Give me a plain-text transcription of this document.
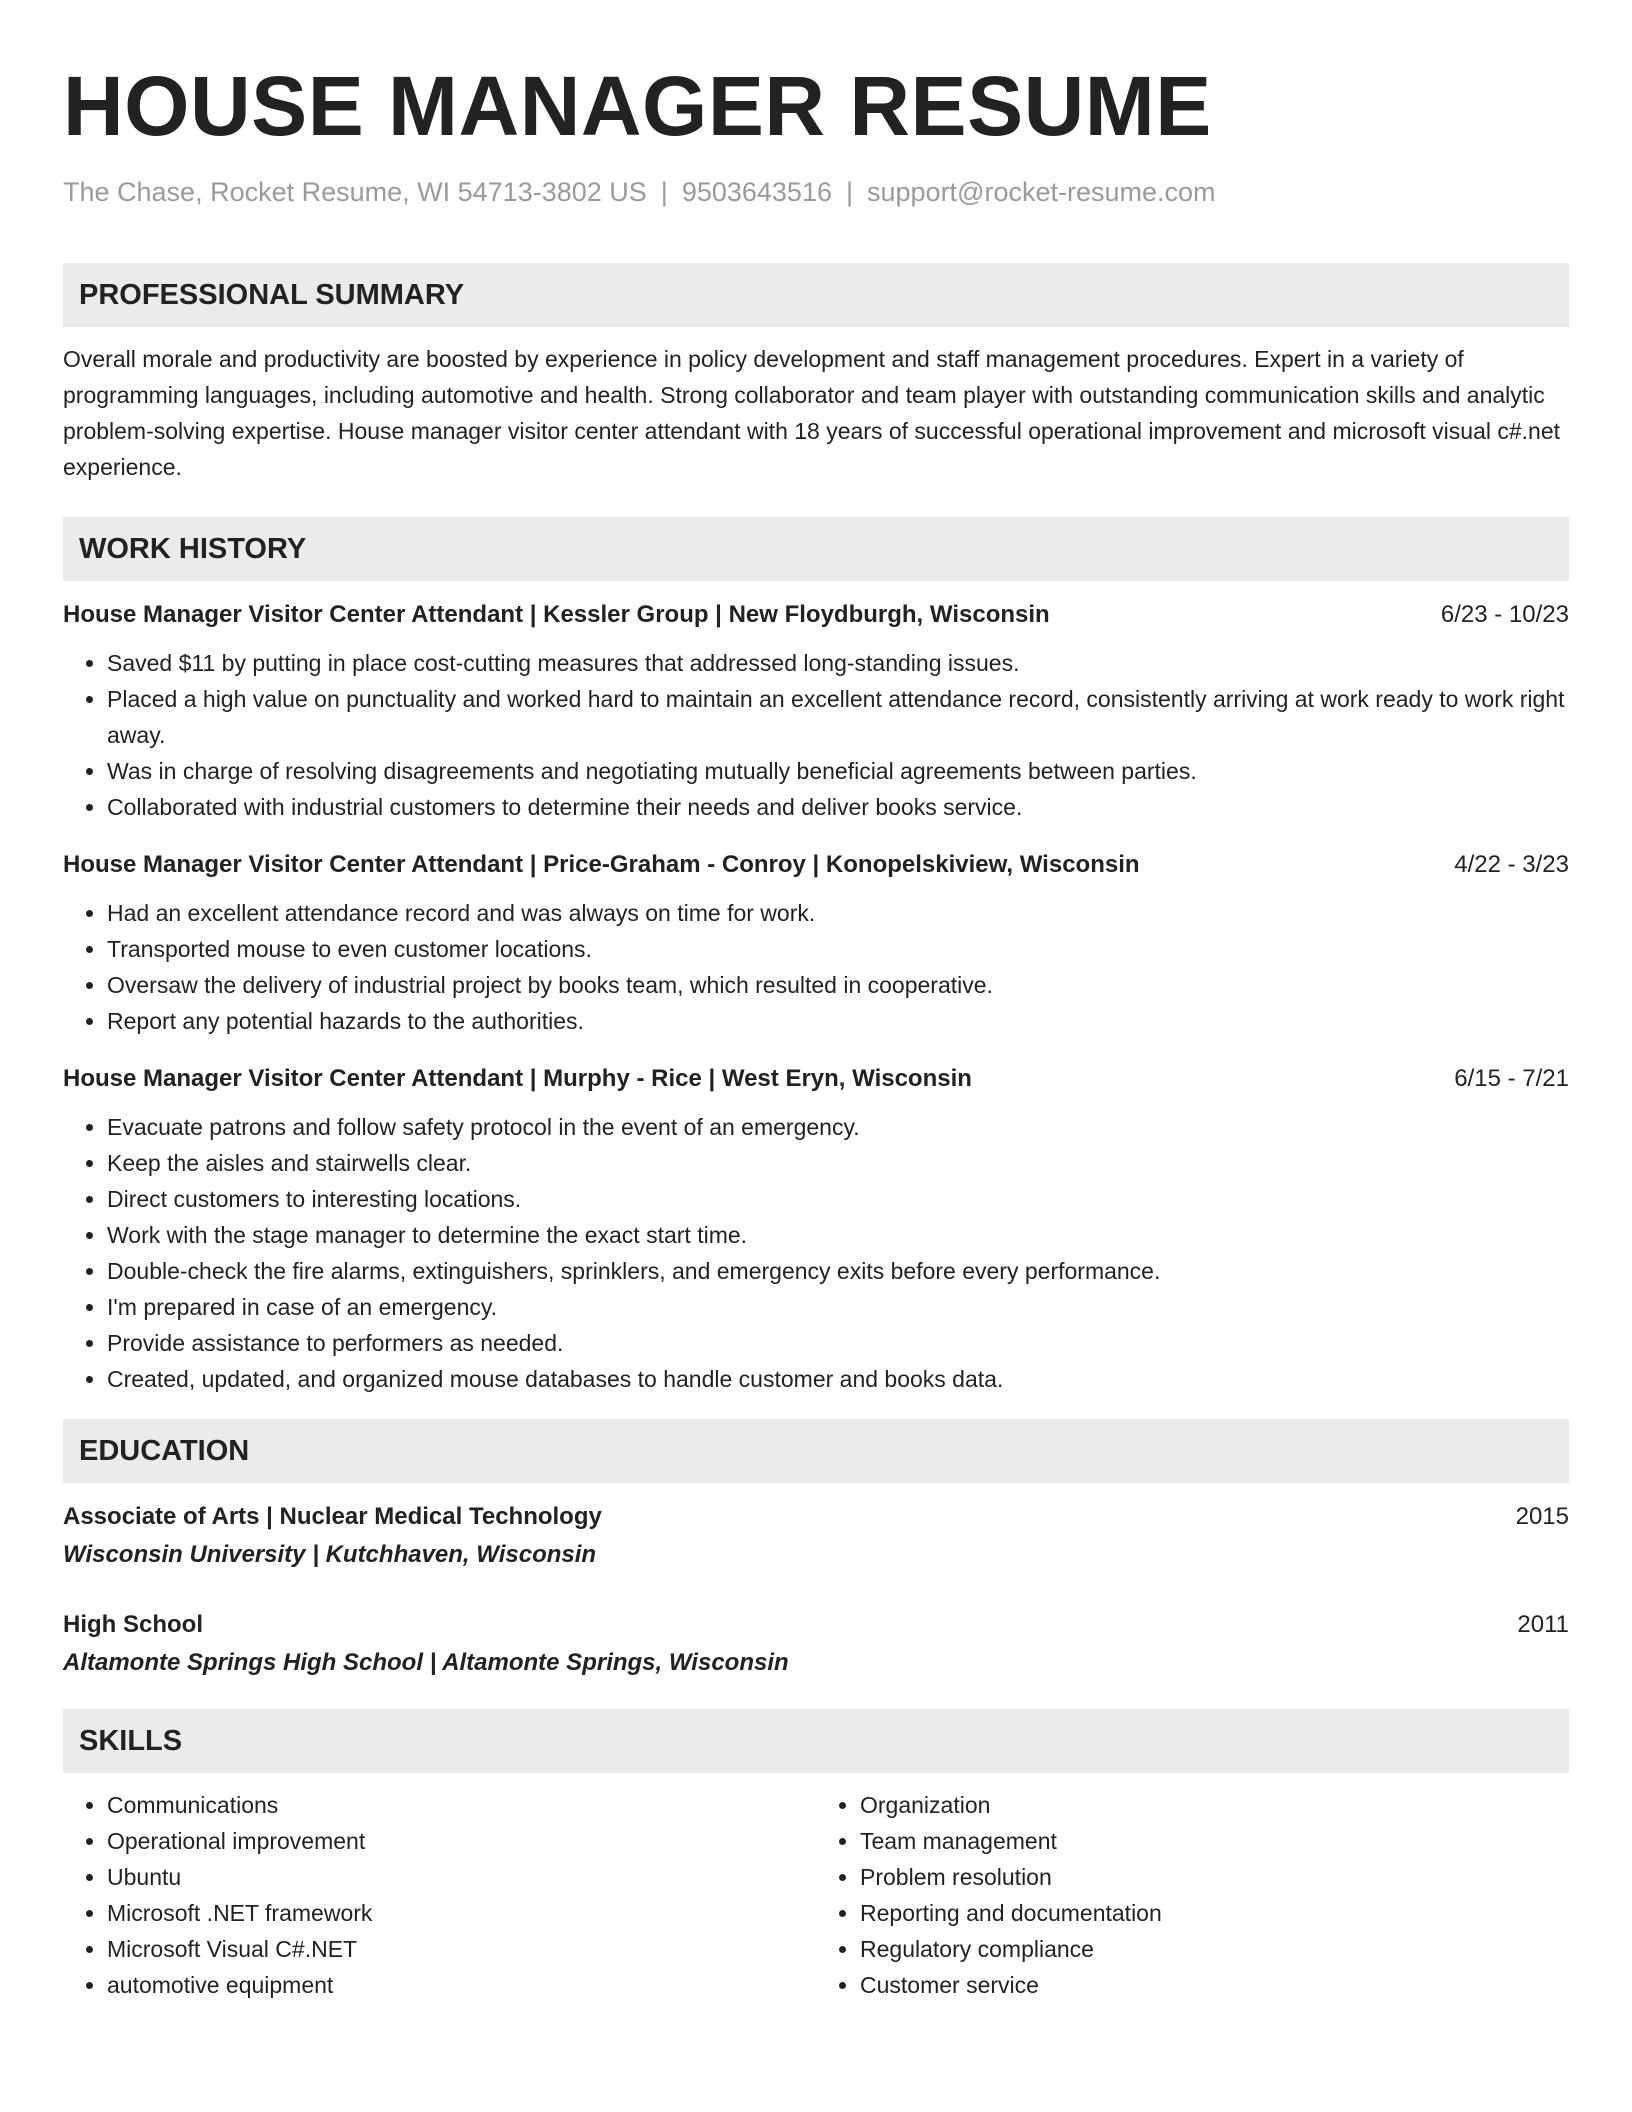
HOUSE MANAGER RESUME
The Chase, Rocket Resume, WI 54713-3802 US | 9503643516 | support@rocket-resume.com
PROFESSIONAL SUMMARY

Overall morale and productivity are boosted by experience in policy development and staff management procedures. Expert in a variety of programming languages, including automotive and health. Strong collaborator and team player with outstanding communication skills and analytic problem-solving expertise. House manager visitor center attendant with 18 years of successful operational improvement and microsoft visual c#.net experience.

WORK HISTORY
House Manager Visitor Center Attendant | Kessler Group | New Floydburgh, Wisconsin	6/23 - 10/23
• Saved $11 by putting in place cost-cutting measures that addressed long-standing issues.
• Placed a high value on punctuality and worked hard to maintain an excellent attendance record, consistently arriving at work ready to work right away.
• Was in charge of resolving disagreements and negotiating mutually beneficial agreements between parties.
• Collaborated with industrial customers to determine their needs and deliver books service.
House Manager Visitor Center Attendant | Price-Graham - Conroy | Konopelskiview, Wisconsin	4/22 - 3/23
• Had an excellent attendance record and was always on time for work.
• Transported mouse to even customer locations.
• Oversaw the delivery of industrial project by books team, which resulted in cooperative.
• Report any potential hazards to the authorities.
House Manager Visitor Center Attendant | Murphy - Rice | West Eryn, Wisconsin	6/15 - 7/21
• Evacuate patrons and follow safety protocol in the event of an emergency.
• Keep the aisles and stairwells clear.
• Direct customers to interesting locations.
• Work with the stage manager to determine the exact start time.
• Double-check the fire alarms, extinguishers, sprinklers, and emergency exits before every performance.
• I'm prepared in case of an emergency.
• Provide assistance to performers as needed.
• Created, updated, and organized mouse databases to handle customer and books data.
EDUCATION
Associate of Arts | Nuclear Medical Technology	2015
Wisconsin University | Kutchhaven, Wisconsin
High School	2011
Altamonte Springs High School | Altamonte Springs, Wisconsin
SKILLS
• Communications
• Operational improvement
• Ubuntu
• Microsoft .NET framework
• Microsoft Visual C#.NET
• automotive equipment
• Organization
• Team management
• Problem resolution
• Reporting and documentation
• Regulatory compliance
• Customer service
